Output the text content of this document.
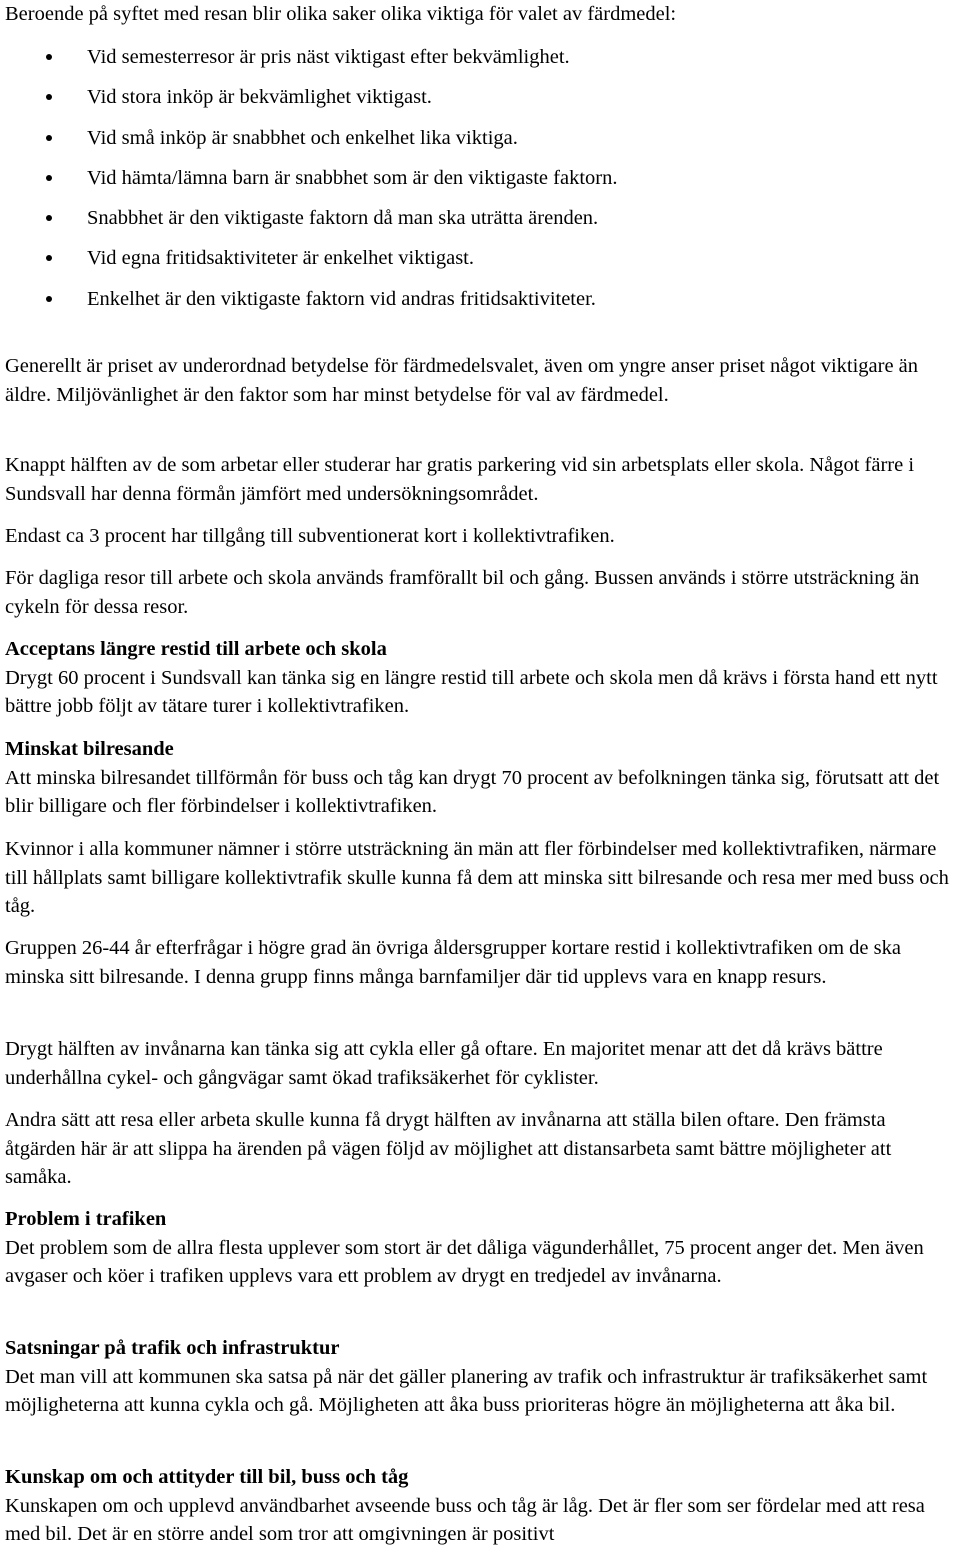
Beroende på syftet med resan blir olika saker olika viktiga för valet av färdmedel:

Vid semesterresor är pris näst viktigast efter bekvämlighet.
Vid stora inköp är bekvämlighet viktigast.
Vid små inköp är snabbhet och enkelhet lika viktiga.
Vid hämta/lämna barn är snabbhet som är den viktigaste faktorn.
Snabbhet är den viktigaste faktorn då man ska uträtta ärenden.
Vid egna fritidsaktiviteter är enkelhet viktigast.
Enkelhet är den viktigaste faktorn vid andras fritidsaktiviteter.

Generellt är priset av underordnad betydelse för färdmedelsvalet, även om yngre anser priset något viktigare än äldre. Miljövänlighet är den faktor som har minst betydelse för val av färdmedel.

Knappt hälften av de som arbetar eller studerar har gratis parkering vid sin arbetsplats eller skola. Något färre i Sundsvall har denna förmån jämfört med undersökningsområdet.

Endast ca 3 procent har tillgång till subventionerat kort i kollektivtrafiken.

För dagliga resor till arbete och skola används framförallt bil och gång. Bussen används i större utsträckning än cykeln för dessa resor.

Acceptans längre restid till arbete och skola

Drygt 60 procent i Sundsvall kan tänka sig en längre restid till arbete och skola men då krävs i första hand ett nytt bättre jobb följt av tätare turer i kollektivtrafiken.

Minskat bilresande

Att minska bilresandet tillförmån för buss och tåg kan drygt 70 procent av befolkningen tänka sig, förutsatt att det blir billigare och fler förbindelser i kollektivtrafiken.

Kvinnor i alla kommuner nämner i större utsträckning än män att fler förbindelser med kollektivtrafiken, närmare till hållplats samt billigare kollektivtrafik skulle kunna få dem att minska sitt bilresande och resa mer med buss och tåg.

Gruppen 26-44 år efterfrågar i högre grad än övriga åldersgrupper kortare restid i kollektivtrafiken om de ska minska sitt bilresande. I denna grupp finns många barnfamiljer där tid upplevs vara en knapp resurs.

Drygt hälften av invånarna kan tänka sig att cykla eller gå oftare. En majoritet menar att det då krävs bättre underhållna cykel- och gångvägar samt ökad trafiksäkerhet för cyklister.

Andra sätt att resa eller arbeta skulle kunna få drygt hälften av invånarna att ställa bilen oftare. Den främsta åtgärden här är att slippa ha ärenden på vägen följd av möjlighet att distansarbeta samt bättre möjligheter att samåka.

Problem i trafiken

Det problem som de allra flesta upplever som stort är det dåliga vägunderhållet, 75 procent anger det. Men även avgaser och köer i trafiken upplevs vara ett problem av drygt en tredjedel av invånarna.

Satsningar på trafik och infrastruktur

Det man vill att kommunen ska satsa på när det gäller planering av trafik och infrastruktur är trafiksäkerhet samt möjligheterna att kunna cykla och gå. Möjligheten att åka buss prioriteras högre än möjligheterna att åka bil.

Kunskap om och attityder till bil, buss och tåg

Kunskapen om och upplevd användbarhet avseende buss och tåg är låg. Det är fler som ser fördelar med att resa med bil. Det är en större andel som tror att omgivningen är positivt
